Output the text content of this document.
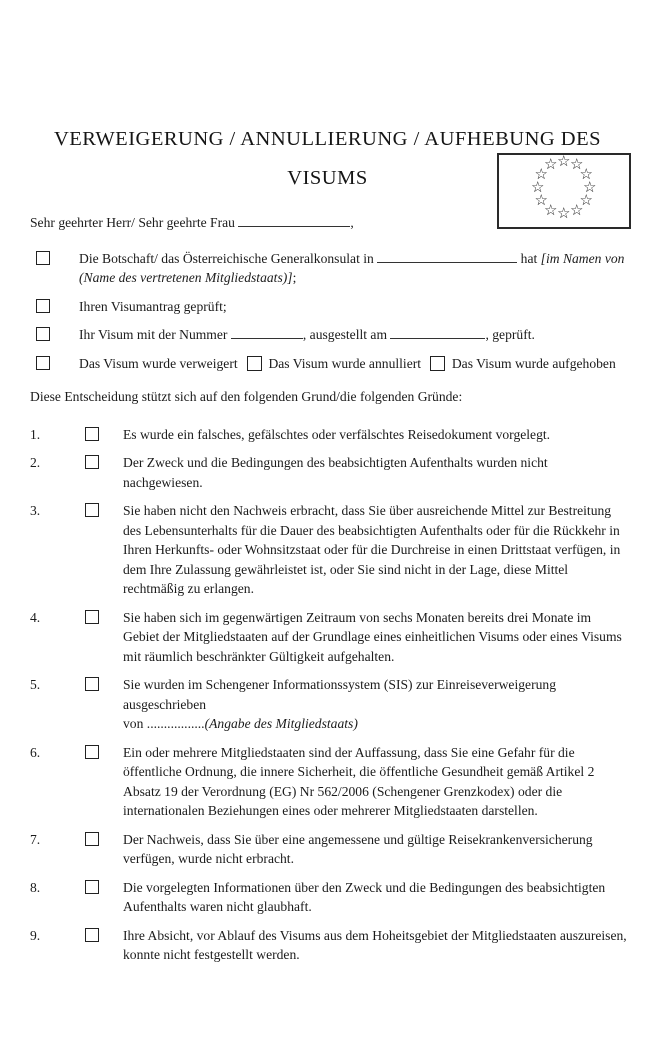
☆ ☆
☆
☆
☆
☆
☆
☆
☆
☆
☆
☆
VERWEIGERUNG / ANNULLIERUNG / AUFHEBUNG DES
VISUMS
Sehr geehrter Herr/ Sehr geehrte Frau	,
Die Botschaft/ das Österreichische Generalkonsulat in	hat [im Namen von (Name des vertretenen Mitgliedstaats)];
Ihren Visumantrag geprüft;
Ihr Visum mit der Nummer	, ausgestellt am	, geprüft.
Das Visum wurde verweigert Das Visum wurde annulliert Das Visum wurde aufgehoben
Diese Entscheidung stützt sich auf den folgenden Grund/die folgenden Gründe:
1.	Es wurde ein falsches, gefälschtes oder verfälschtes Reisedokument vorgelegt.
2.	Der Zweck und die Bedingungen des beabsichtigten Aufenthalts wurden nicht nachgewiesen.
3.	Sie haben nicht den Nachweis erbracht, dass Sie über ausreichende Mittel zur Bestreitung des Lebensunterhalts für die Dauer des beabsichtigten Aufenthalts oder für die Rückkehr in Ihren Herkunfts- oder Wohnsitzstaat oder für die Durchreise in einen Drittstaat verfügen, in dem Ihre Zulassung gewährleistet ist, oder Sie sind nicht in der Lage, diese Mittel rechtmäßig zu erlangen.
4.	Sie haben sich im gegenwärtigen Zeitraum von sechs Monaten bereits drei Monate im Gebiet der Mitgliedstaaten auf der Grundlage eines einheitlichen Visums oder eines Visums mit räumlich beschränkter Gültigkeit aufgehalten.
5.	Sie wurden im Schengener Informationssystem (SIS) zur Einreiseverweigerung ausgeschrieben
von .................(Angabe des Mitgliedstaats)
6.	Ein oder mehrere Mitgliedstaaten sind der Auffassung, dass Sie eine Gefahr für die öffentliche Ordnung, die innere Sicherheit, die öffentliche Gesundheit gemäß Artikel 2 Absatz 19 der Verordnung (EG) Nr 562/2006 (Schengener Grenzkodex) oder die internationalen Beziehungen eines oder mehrerer Mitgliedstaaten darstellen.
7.	Der Nachweis, dass Sie über eine angemessene und gültige Reisekrankenversicherung verfügen, wurde nicht erbracht.
8.	Die vorgelegten Informationen über den Zweck und die Bedingungen des beabsichtigten Aufenthalts waren nicht glaubhaft.
9.	Ihre Absicht, vor Ablauf des Visums aus dem Hoheitsgebiet der Mitgliedstaaten auszureisen, konnte nicht festgestellt werden.
